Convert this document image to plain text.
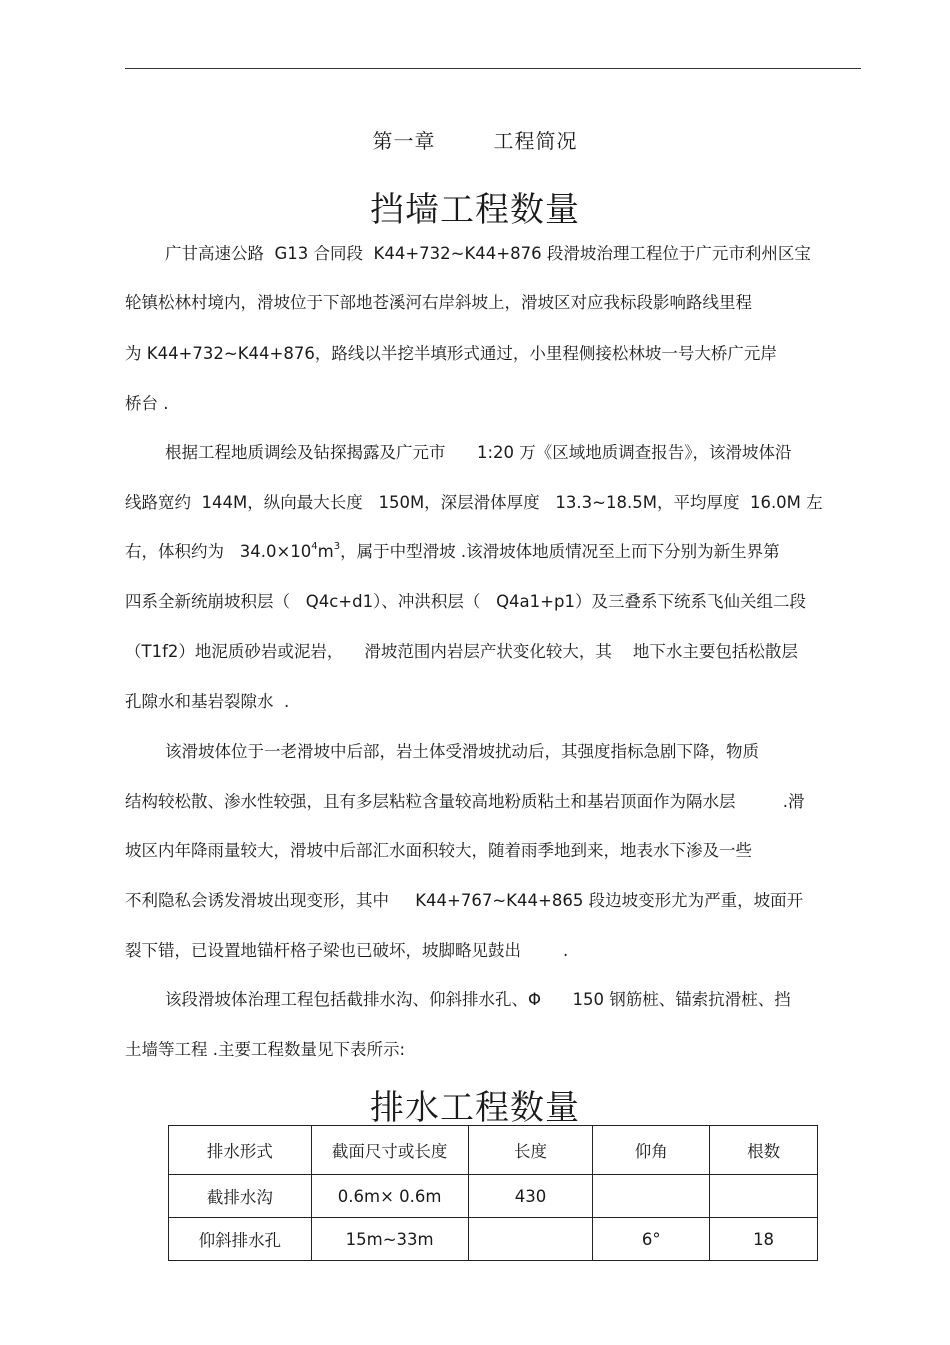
第一章	工程简况
挡墙工程数量
广甘高速公路  G13 合同段  K44+732~K44+876 段滑坡治理工程位于广元市利州区宝
轮镇松林村境内，滑坡位于下部地苍溪河右岸斜坡上，滑坡区对应我标段影响路线里程
为 K44+732~K44+876，路线以半挖半填形式通过，小里程侧接松林坡一号大桥广元岸
桥台 .
根据工程地质调绘及钻探揭露及广元市      1:20 万《区域地质调查报告》，该滑坡体沿
线路宽约  144M，纵向最大长度   150M，深层滑体厚度   13.3~18.5M，平均厚度  16.0M 左
右，体积约为   $34.0\times 10^4m^3$，属于中型滑坡 .该滑坡体地质情况至上而下分别为新生界第
四系全新统崩坡积层（   Q4c+d1）、冲洪积层（   Q4a1+p1）及三叠系下统系飞仙关组二段
（T1f2）地泥质砂岩或泥岩，    滑坡范围内岩层产状变化较大，其    地下水主要包括松散层
孔隙水和基岩裂隙水  .
该滑坡体位于一老滑坡中后部，岩土体受滑坡扰动后，其强度指标急剧下降，物质
结构较松散、渗水性较强，且有多层粘粒含量较高地粉质粘土和基岩顶面作为隔水层         .滑
坡区内年降雨量较大，滑坡中后部汇水面积较大，随着雨季地到来，地表水下渗及一些
不利隐私会诱发滑坡出现变形，其中     K44+767~K44+865 段边坡变形尤为严重，坡面开
裂下错，已设置地锚杆格子梁也已破坏，坡脚略见鼓出        .
该段滑坡体治理工程包括截排水沟、仰斜排水孔、Φ      150 钢筋桩、锚索抗滑桩、挡
土墙等工程 .主要工程数量见下表所示:
排水工程数量
排水形式	截面尺寸或长度	长度	仰角	根数
截排水沟	0.6m× 0.6m	430		
仰斜排水孔	15m~33m		6°	18
